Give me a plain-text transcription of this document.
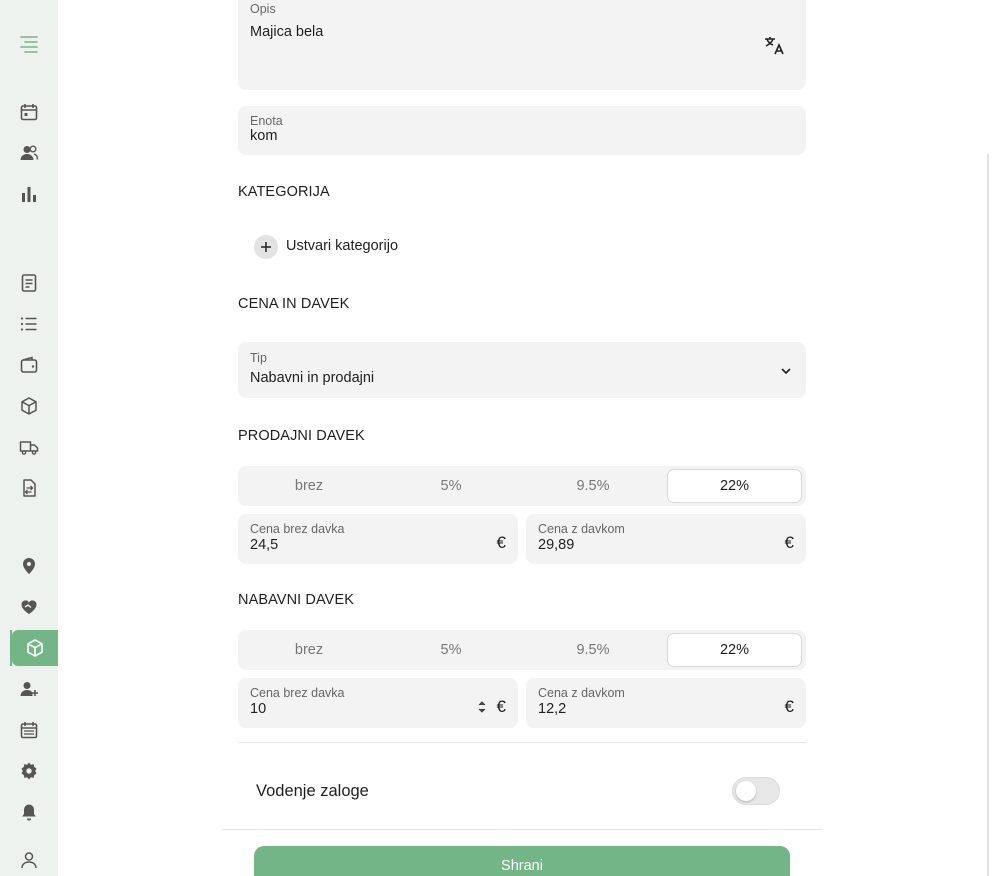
Opis
Majica bela
Enota
kom
KATEGORIJA
Ustvari kategorijo
CENA IN DAVEK
Tip
Nabavni in prodajni
PRODAJNI DAVEK
brez	5%	9.5%	22%
Cena brez davka
24,5	€
Cena z davkom
29,89	€
NABAVNI DAVEK
brez	5%	9.5%	22%
Cena brez davka
10	€
Cena z davkom
12,2	€
Vodenje zaloge
Shrani
